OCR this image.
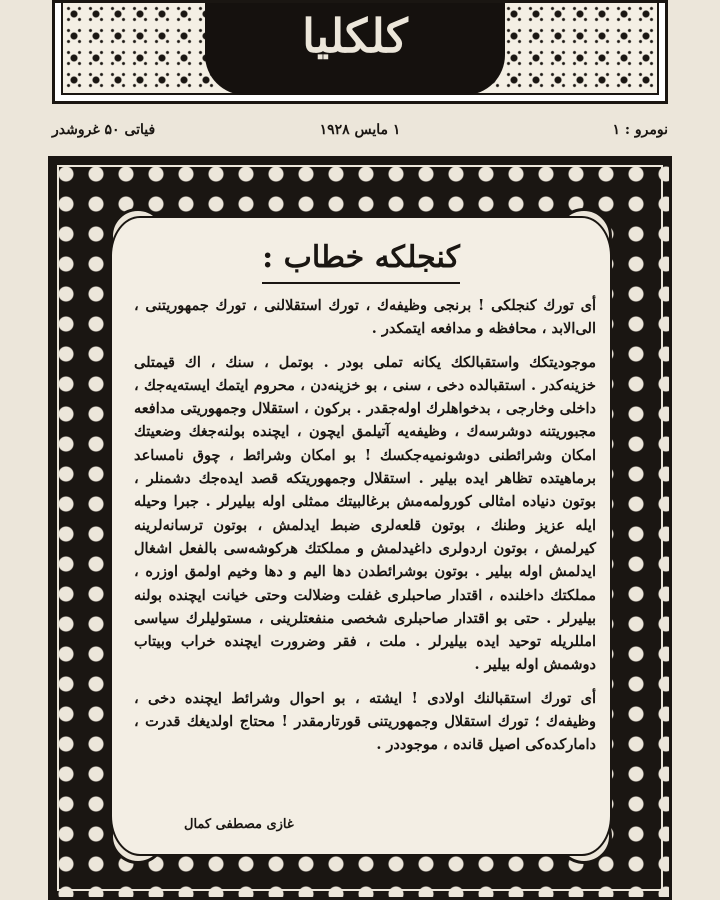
کلکلیا
نومرو : ۱
۱ مايس ۱۹۲۸
فیاتی ۵۰ غروشدر
کنجلکه خطاب :

أی تورك کنجلکی ! برنجی وظیفه‌ك ، تورك استقلالنی ، تورك جمهوریتنی ، الی‌الابد ، محافظه و مدافعه ایتمکدر .

موجودیتکك واستقبالکك یکانه تملی بودر . بوتمل ، سنك ، اك قیمتلی خزینه‌کدر . استقبالده دخی ، سنی ، بو خزینه‌دن ، محروم ایتمك ایسته‌یه‌جك ، داخلی وخارجی ، بدخواهلرك اوله‌جقدر . برکون ، استقلال وجمهوریتی مدافعه مجبوریتنه دوشرسه‌ك ، وظیفه‌یه آتیلمق ایچون ، ایچنده بولنه‌جغك وضعیتك امکان وشرائطنی دوشونمیه‌جکسك ! بو امکان وشرائط ، چوق نامساعد برماهیتده تظاهر ایده بیلیر . استقلال وجمهوریتکه قصد ایده‌جك دشمنلر ، بوتون دنیاده امثالی کورولمه‌مش برغالبیتك ممثلی اوله بیلیرلر . جبرا وحیله ایله عزیز وطنك ، بوتون قلعه‌لری ضبط ایدلمش ، بوتون ترسانه‌لرینه کیرلمش ، بوتون اردولری داغیدلمش و مملکتك هرکوشه‌سی بالفعل اشغال ایدلمش اوله بیلیر . بوتون بوشرائطدن دها الیم و دها وخیم اولمق اوزره ، مملکتك داخلنده ، اقتدار صاحبلری غفلت وضلالت وحتی خیانت ایچنده بولنه بیلیرلر . حتی بو اقتدار صاحبلری شخصی منفعتلرینی ، مستولیلرك سیاسی امللریله توحید ایده بیلیرلر . ملت ، فقر وضرورت ایچنده خراب وبیتاب دوشمش اوله بیلیر .

أی تورك استقبالنك اولادی ! ایشته ، بو احوال وشرائط ایچنده دخی ، وظیفه‌ك ؛ تورك استقلال وجمهوریتنی قورتارمقدر ! محتاج اولدیغك قدرت ، داماركده‌كی اصیل قانده ، موجوددر .

غازی مصطفی کمال
